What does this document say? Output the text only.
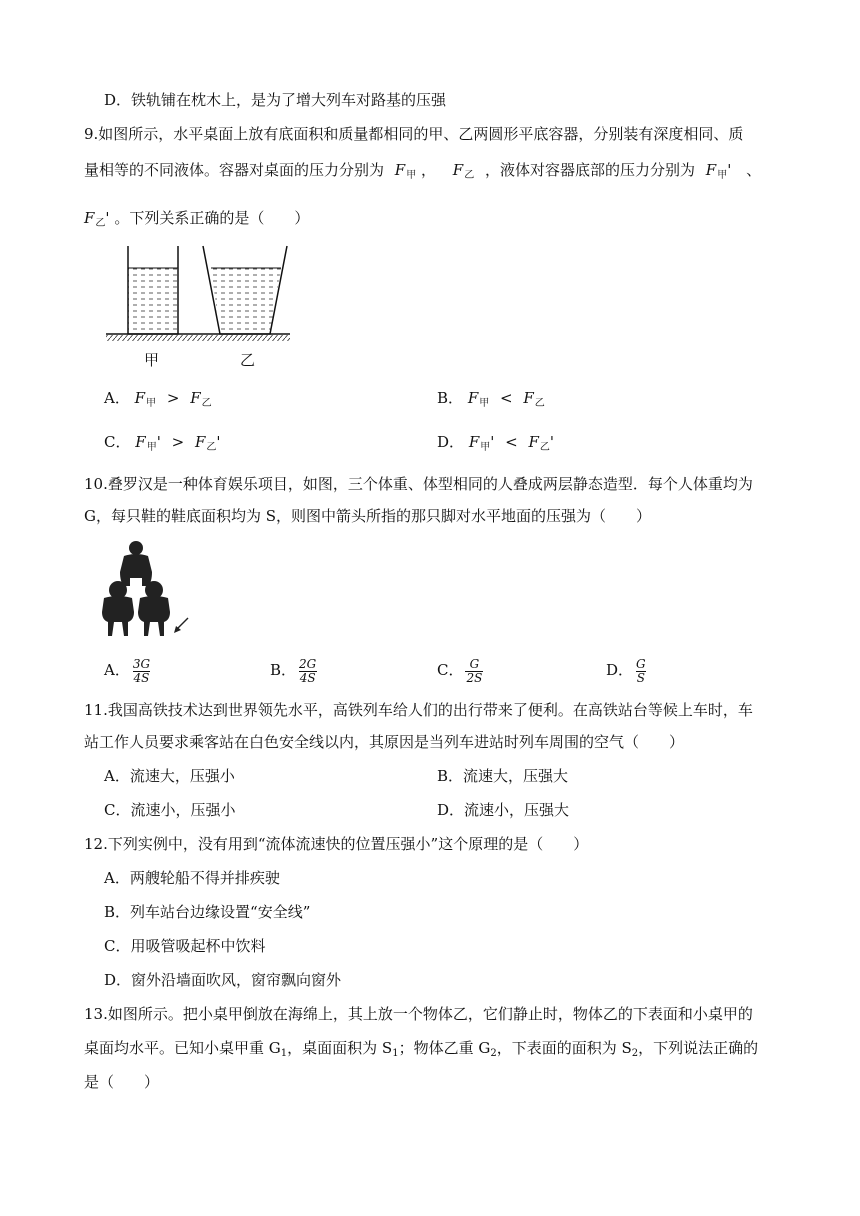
D．铁轨铺在枕木上，是为了增大列车对路基的压强
9.如图所示，水平桌面上放有底面积和质量都相同的甲、乙两圆形平底容器，分别装有深度相同、质
量相等的不同液体。容器对桌面的压力分别为 $F_甲$ ， $F_乙$ ，液体对容器底部的压力分别为 $F_甲'$ 、
$F_乙'$ 。下列关系正确的是（　　）
甲	乙
A． $F_甲 > F_乙$	B． $F_甲 < F_乙$
C． $F_甲' > F_乙'$	D． $F_甲' < F_乙'$
10.叠罗汉是一种体育娱乐项目，如图，三个体重、体型相同的人叠成两层静态造型．每个人体重均为
G，每只鞋的鞋底面积均为 S，则图中箭头所指的那只脚对水平地面的压强为（　　）
A． $\frac{3G}{4S}$	B． $\frac{2G}{4S}$	C． $\frac{G}{2S}$	D． $\frac{G}{S}$
11.我国高铁技术达到世界领先水平，高铁列车给人们的出行带来了便利。在高铁站台等候上车时，车
站工作人员要求乘客站在白色安全线以内，其原因是当列车进站时列车周围的空气（　　）
A．流速大，压强小	B．流速大，压强大
C．流速小，压强小	D．流速小，压强大
12.下列实例中，没有用到“流体流速快的位置压强小”这个原理的是（　　）
A．两艘轮船不得并排疾驶
B．列车站台边缘设置“安全线”
C．用吸管吸起杯中饮料
D．窗外沿墙面吹风，窗帘飘向窗外
13.如图所示。把小桌甲倒放在海绵上，其上放一个物体乙，它们静止时，物体乙的下表面和小桌甲的
桌面均水平。已知小桌甲重 $G_1$，桌面面积为 $S_1$；物体乙重 $G_2$，下表面的面积为 $S_2$，下列说法正确的
是（　　）
